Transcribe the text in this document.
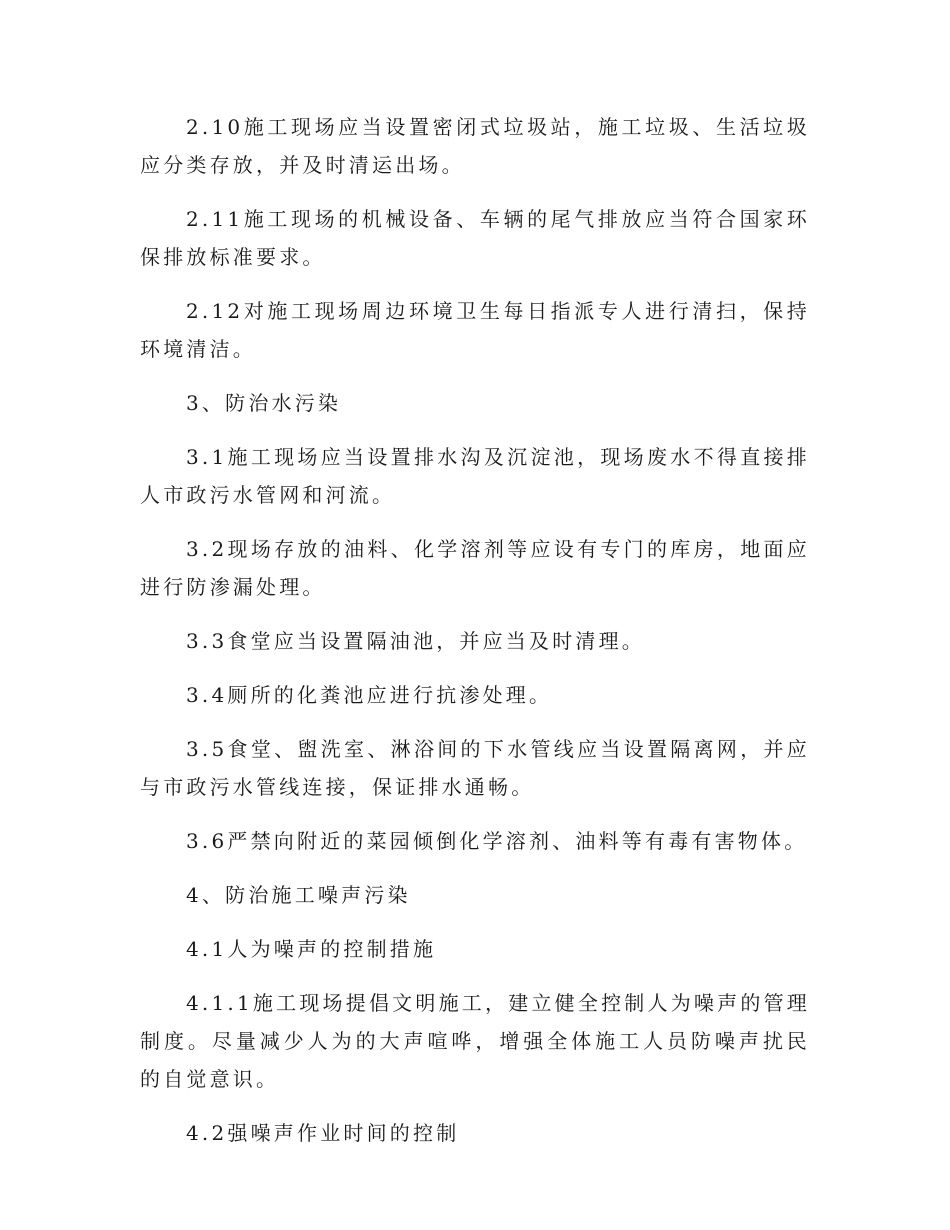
2.10施工现场应当设置密闭式垃圾站，施工垃圾、生活垃圾应分类存放，并及时清运出场。

2.11施工现场的机械设备、车辆的尾气排放应当符合国家环保排放标准要求。

2.12对施工现场周边环境卫生每日指派专人进行清扫，保持环境清洁。

3、防治水污染

3.1施工现场应当设置排水沟及沉淀池，现场废水不得直接排人市政污水管网和河流。

3.2现场存放的油料、化学溶剂等应设有专门的库房，地面应进行防渗漏处理。

3.3食堂应当设置隔油池，并应当及时清理。

3.4厕所的化粪池应进行抗渗处理。

3.5食堂、盥洗室、淋浴间的下水管线应当设置隔离网，并应与市政污水管线连接，保证排水通畅。

3.6严禁向附近的菜园倾倒化学溶剂、油料等有毒有害物体。

4、防治施工噪声污染

4.1人为噪声的控制措施

4.1.1施工现场提倡文明施工，建立健全控制人为噪声的管理制度。尽量减少人为的大声喧哗，增强全体施工人员防噪声扰民的自觉意识。

4.2强噪声作业时间的控制
